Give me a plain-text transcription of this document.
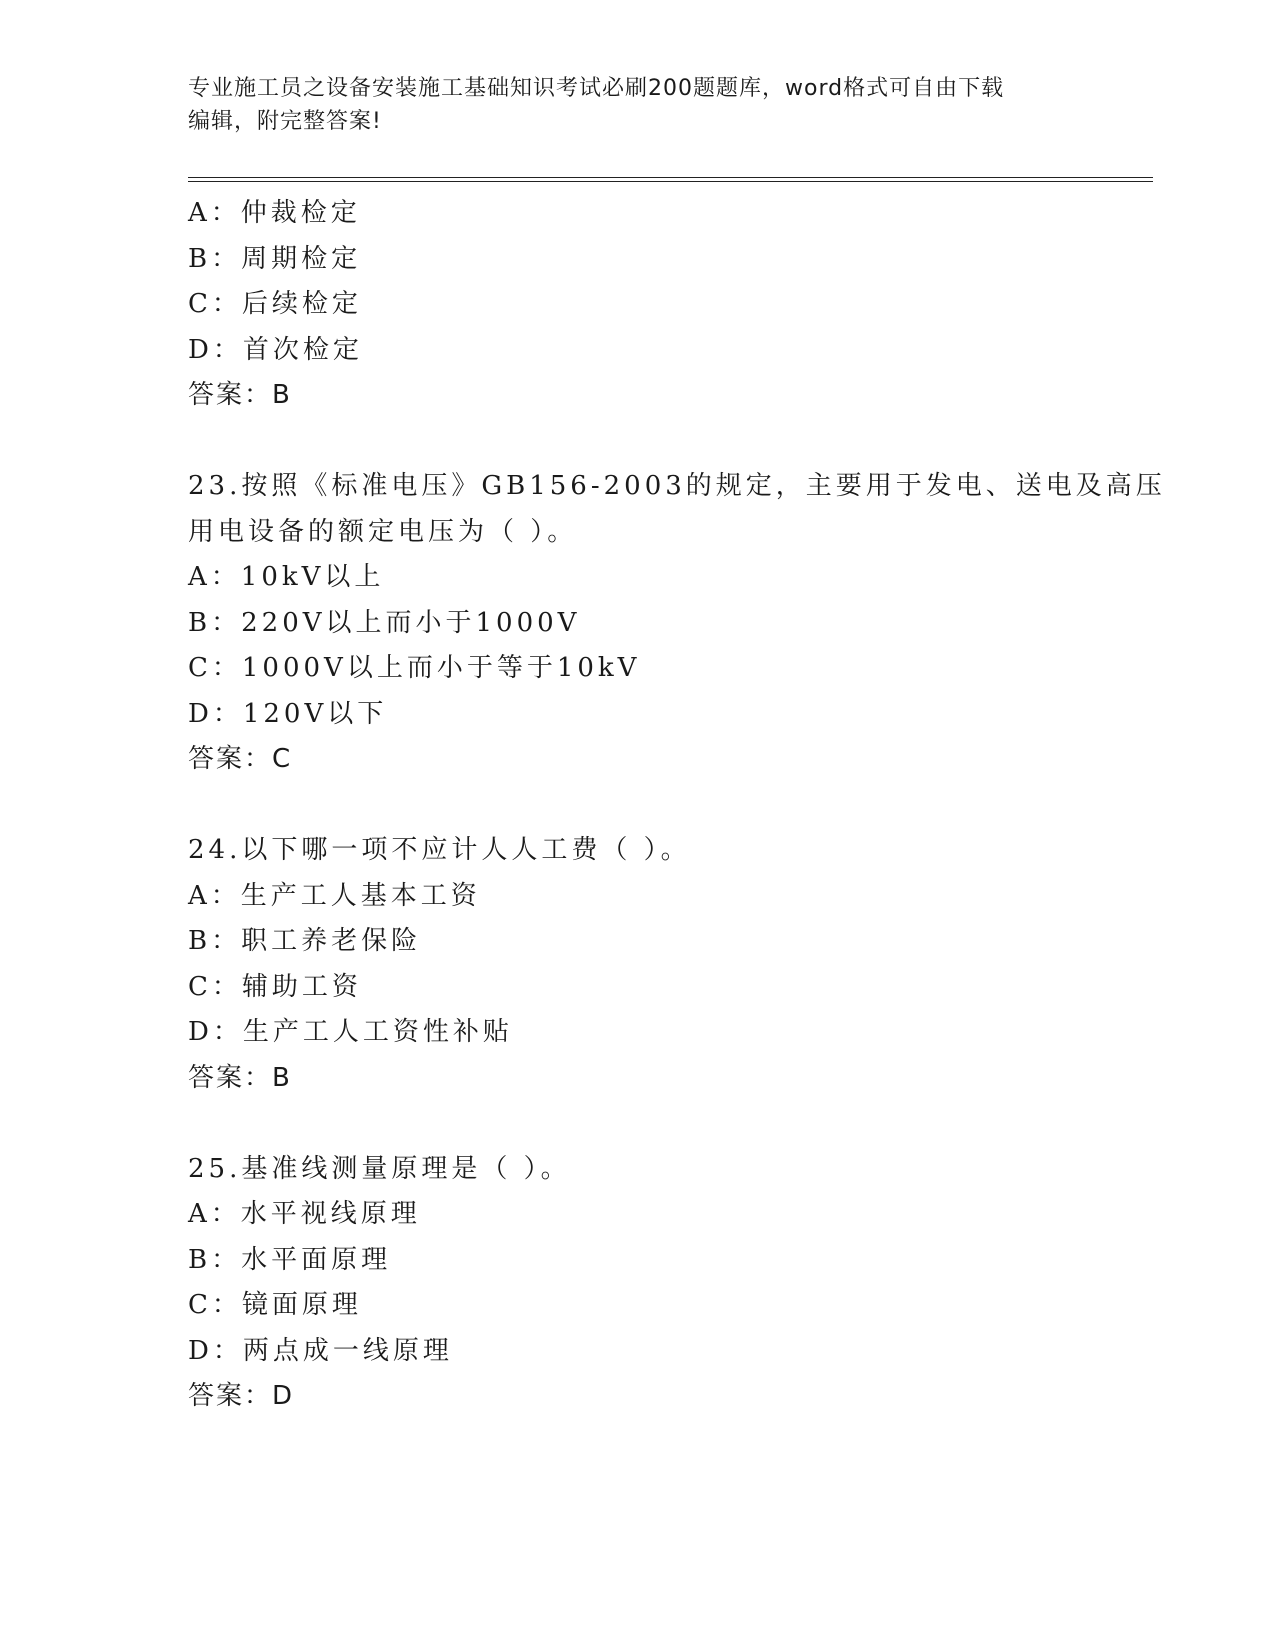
专业施工员之设备安装施工基础知识考试必刷200题题库，word格式可自由下载
编辑，附完整答案!
A：仲裁检定
B：周期检定
C：后续检定
D：首次检定
答案：B
23.按照《标准电压》GB156-2003的规定，主要用于发电、送电及高压
用电设备的额定电压为（ ）。
A：10kV以上
B：220V以上而小于1000V
C：1000V以上而小于等于10kV
D：120V以下
答案：C
24.以下哪一项不应计人人工费（ ）。
A：生产工人基本工资
B：职工养老保险
C：辅助工资
D：生产工人工资性补贴
答案：B
25.基准线测量原理是（ ）。
A：水平视线原理
B：水平面原理
C：镜面原理
D：两点成一线原理
答案：D
